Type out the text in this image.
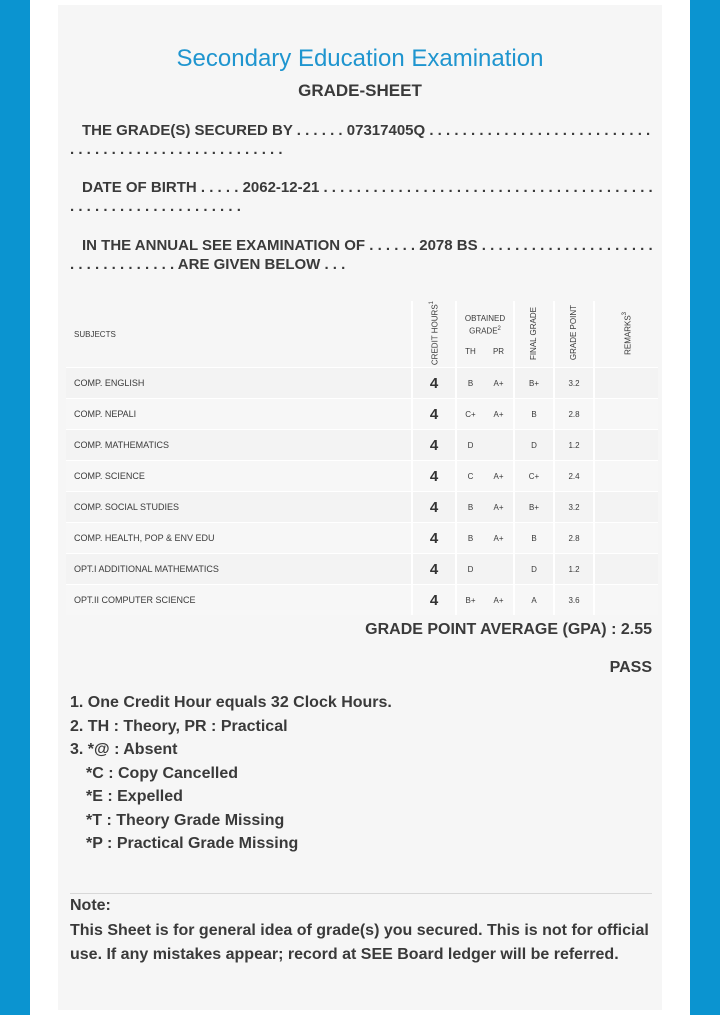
Secondary Education Examination
GRADE-SHEET
THE GRADE(S) SECURED BY . . . . . . 07317405Q . . . . . . . . . . . . . . . . . . . . . . . . . . . . . . . . . . . . . . . . . . . . . . . . . . . . .
DATE OF BIRTH . . . . . 2062-12-21 . . . . . . . . . . . . . . . . . . . . . . . . . . . . . . . . . . . . . . . . . . . . . . . . . . . . . . . . . . . . .
IN THE ANNUAL SEE EXAMINATION OF . . . . . . 2078 BS . . . . . . . . . . . . . . . . . . . . . . . . . . . . . . . . . . ARE GIVEN BELOW . . .
SUBJECTS	CREDIT HOURS$^1$	OBTAINED GRADE$^2$		FINAL GRADE	GRADE POINT	REMARKS$^3$
		TH	PR			
COMP. ENGLISH	4	B	A+	B+	3.2	
COMP. NEPALI	4	C+	A+	B	2.8	
COMP. MATHEMATICS	4	D		D	1.2	
COMP. SCIENCE	4	C	A+	C+	2.4	
COMP. SOCIAL STUDIES	4	B	A+	B+	3.2	
COMP. HEALTH, POP & ENV EDU	4	B	A+	B	2.8	
OPT.I ADDITIONAL MATHEMATICS	4	D		D	1.2	
OPT.II COMPUTER SCIENCE	4	B+	A+	A	3.6	
GRADE POINT AVERAGE (GPA) : 2.55
PASS
1. One Credit Hour equals 32 Clock Hours.
2. TH : Theory, PR : Practical
3. *@ : Absent
*C : Copy Cancelled
*E : Expelled
*T : Theory Grade Missing
*P : Practical Grade Missing
Note:
This Sheet is for general idea of grade(s) you secured. This is not for official use. If any mistakes appear; record at SEE Board ledger will be referred.
